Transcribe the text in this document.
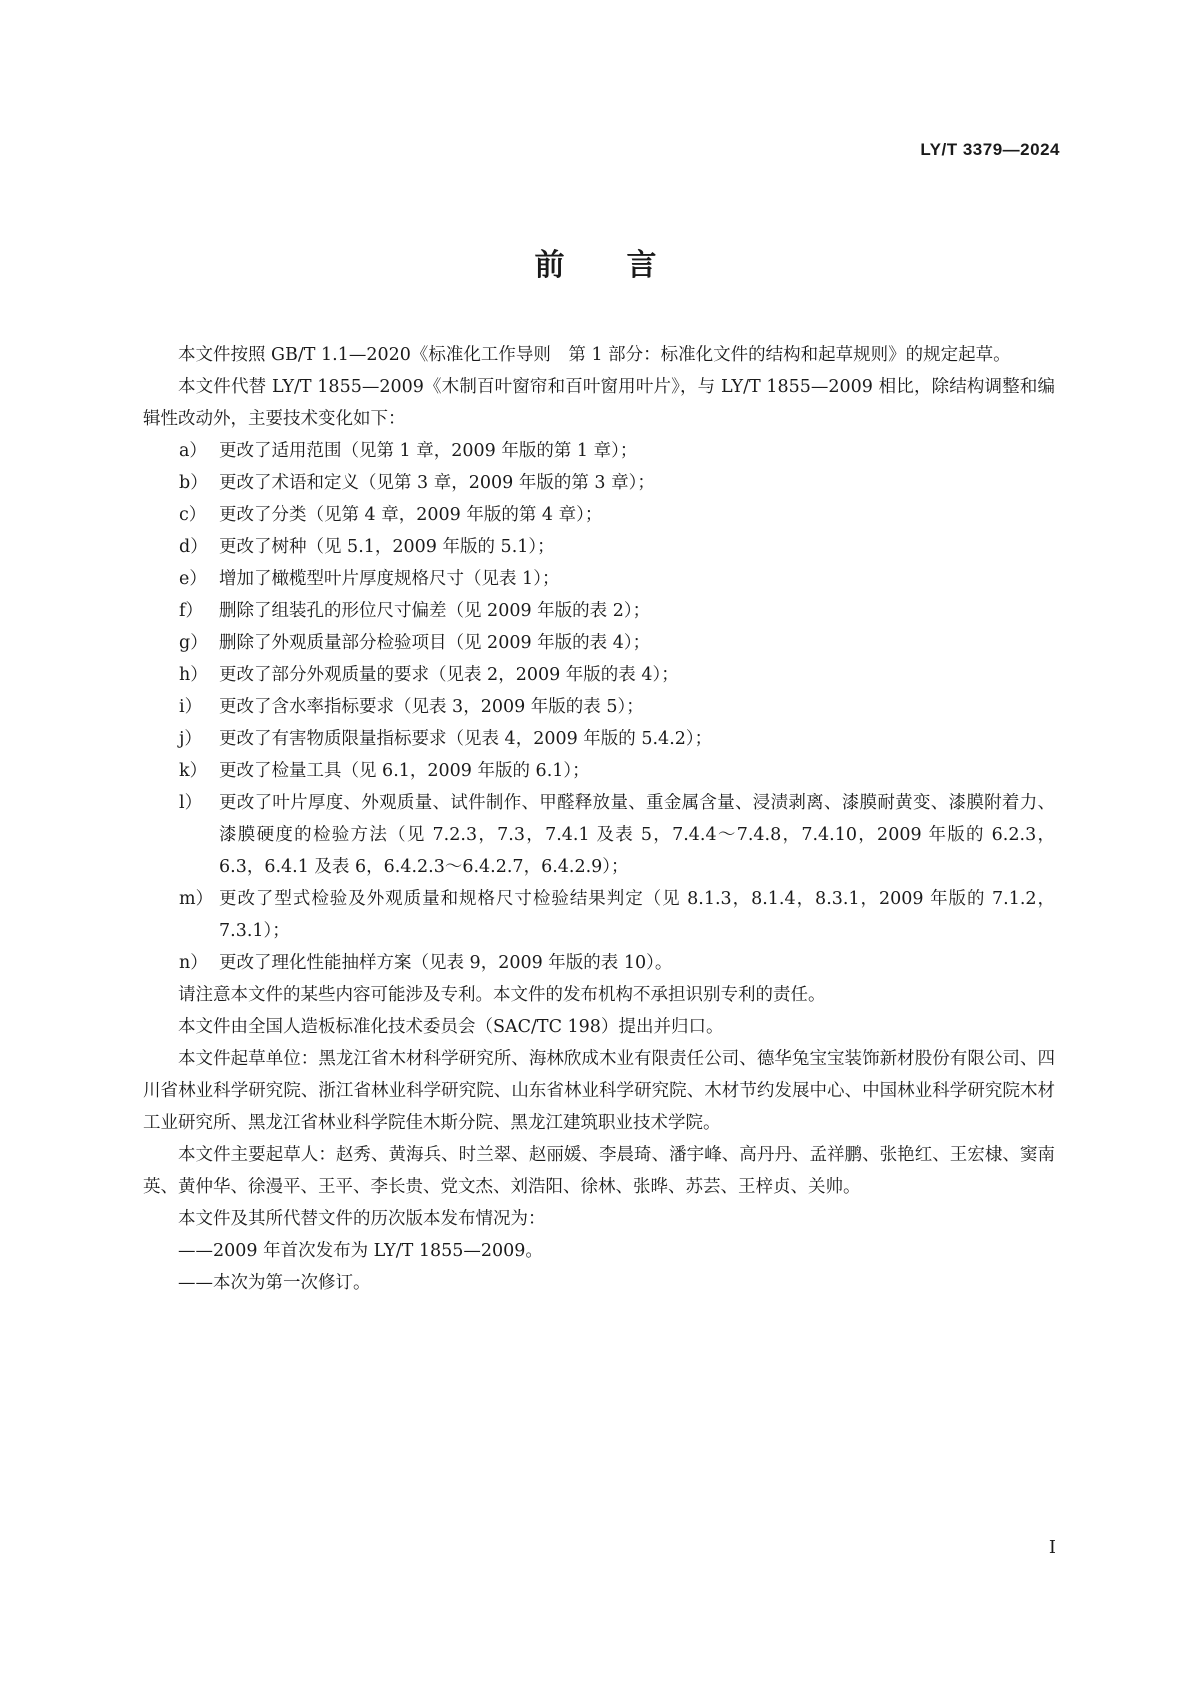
LY/T 3379—2024
前 言

本文件按照 GB/T 1.1—2020《标准化工作导则　第 1 部分：标准化文件的结构和起草规则》的规定起草。

本文件代替 LY/T 1855—2009《木制百叶窗帘和百叶窗用叶片》，与 LY/T 1855—2009 相比，除结构调整和编辑性改动外，主要技术变化如下：

a） 更改了适用范围（见第 1 章，2009 年版的第 1 章）；
b） 更改了术语和定义（见第 3 章，2009 年版的第 3 章）；
c） 更改了分类（见第 4 章，2009 年版的第 4 章）；
d） 更改了树种（见 5.1，2009 年版的 5.1）；
e） 增加了橄榄型叶片厚度规格尺寸（见表 1）；
f） 删除了组装孔的形位尺寸偏差（见 2009 年版的表 2）；
g） 删除了外观质量部分检验项目（见 2009 年版的表 4）；
h） 更改了部分外观质量的要求（见表 2，2009 年版的表 4）；
i） 更改了含水率指标要求（见表 3，2009 年版的表 5）；
j） 更改了有害物质限量指标要求（见表 4，2009 年版的 5.4.2）；
k） 更改了检量工具（见 6.1，2009 年版的 6.1）；
l） 更改了叶片厚度、外观质量、试件制作、甲醛释放量、重金属含量、浸渍剥离、漆膜耐黄变、漆膜附着力、漆膜硬度的检验方法（见 7.2.3，7.3，7.4.1 及表 5，7.4.4～7.4.8，7.4.10，2009 年版的 6.2.3，6.3，6.4.1 及表 6，6.4.2.3～6.4.2.7，6.4.2.9）；
m） 更改了型式检验及外观质量和规格尺寸检验结果判定（见 8.1.3，8.1.4，8.3.1，2009 年版的 7.1.2，7.3.1）；
n） 更改了理化性能抽样方案（见表 9，2009 年版的表 10）。

请注意本文件的某些内容可能涉及专利。本文件的发布机构不承担识别专利的责任。

本文件由全国人造板标准化技术委员会（SAC/TC 198）提出并归口。

本文件起草单位：黑龙江省木材科学研究所、海林欣成木业有限责任公司、德华兔宝宝装饰新材股份有限公司、四川省林业科学研究院、浙江省林业科学研究院、山东省林业科学研究院、木材节约发展中心、中国林业科学研究院木材工业研究所、黑龙江省林业科学院佳木斯分院、黑龙江建筑职业技术学院。

本文件主要起草人：赵秀、黄海兵、时兰翠、赵丽媛、李晨琦、潘宇峰、高丹丹、孟祥鹏、张艳红、王宏棣、窦南英、黄仲华、徐漫平、王平、李长贵、党文杰、刘浩阳、徐林、张晔、苏芸、王梓贞、关帅。

本文件及其所代替文件的历次版本发布情况为：

——2009 年首次发布为 LY/T 1855—2009。

——本次为第一次修订。

I
